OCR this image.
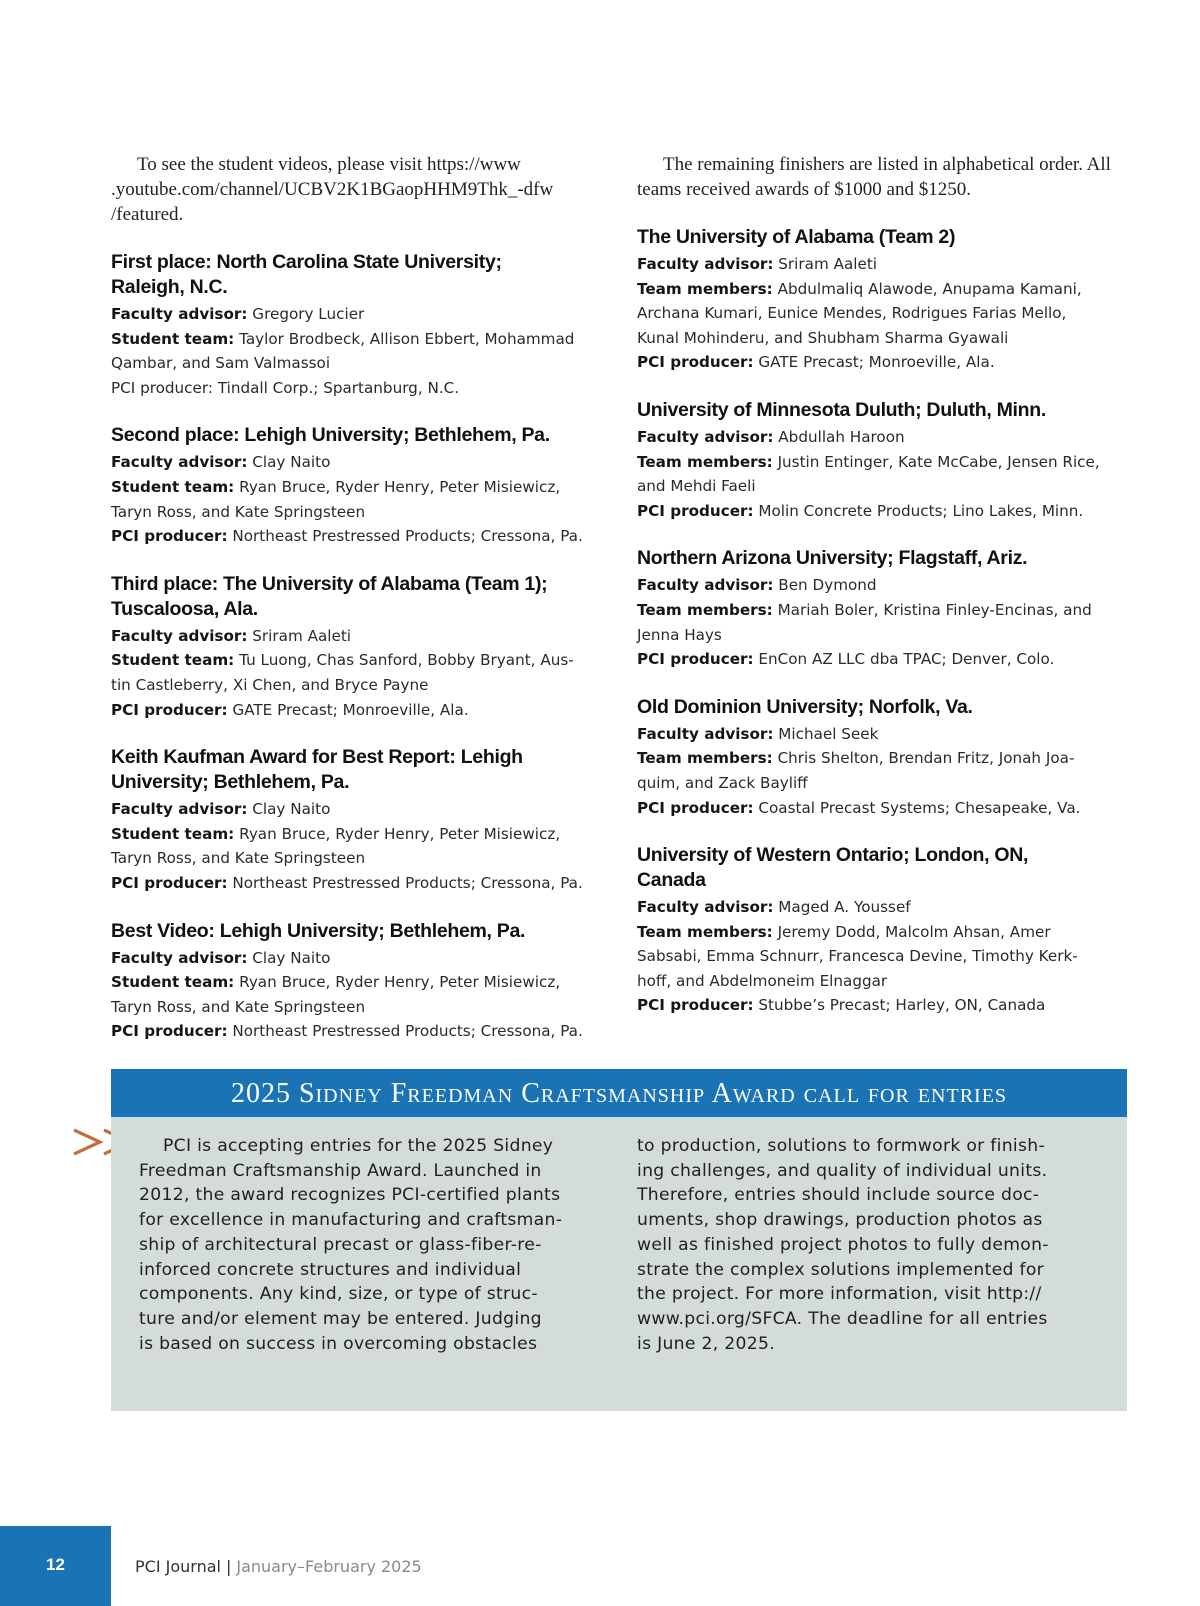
To see the student videos, please visit https://www
.youtube.com/channel/UCBV2K1BGaopHHM9Thk_-dfw
/featured.

First place: North Carolina State University;
Raleigh, N.C.
Faculty advisor: Gregory Lucier
Student team: Taylor Brodbeck, Allison Ebbert, Mohammad
Qambar, and Sam Valmassoi
PCI producer: Tindall Corp.; Spartanburg, N.C.
Second place: Lehigh University; Bethlehem, Pa.
Faculty advisor: Clay Naito
Student team: Ryan Bruce, Ryder Henry, Peter Misiewicz,
Taryn Ross, and Kate Springsteen
PCI producer: Northeast Prestressed Products; Cressona, Pa.
Third place: The University of Alabama (Team 1);
Tuscaloosa, Ala.
Faculty advisor: Sriram Aaleti
Student team: Tu Luong, Chas Sanford, Bobby Bryant, Aus-
tin Castleberry, Xi Chen, and Bryce Payne
PCI producer: GATE Precast; Monroeville, Ala.
Keith Kaufman Award for Best Report: Lehigh
University; Bethlehem, Pa.
Faculty advisor: Clay Naito
Student team: Ryan Bruce, Ryder Henry, Peter Misiewicz,
Taryn Ross, and Kate Springsteen
PCI producer: Northeast Prestressed Products; Cressona, Pa.
Best Video: Lehigh University; Bethlehem, Pa.
Faculty advisor: Clay Naito
Student team: Ryan Bruce, Ryder Henry, Peter Misiewicz,
Taryn Ross, and Kate Springsteen
PCI producer: Northeast Prestressed Products; Cressona, Pa.

The remaining finishers are listed in alphabetical order. All
teams received awards of $1000 and $1250.

The University of Alabama (Team 2)
Faculty advisor: Sriram Aaleti
Team members: Abdulmaliq Alawode, Anupama Kamani,
Archana Kumari, Eunice Mendes, Rodrigues Farias Mello,
Kunal Mohinderu, and Shubham Sharma Gyawali
PCI producer: GATE Precast; Monroeville, Ala.
University of Minnesota Duluth; Duluth, Minn.
Faculty advisor: Abdullah Haroon
Team members: Justin Entinger, Kate McCabe, Jensen Rice,
and Mehdi Faeli
PCI producer: Molin Concrete Products; Lino Lakes, Minn.
Northern Arizona University; Flagstaff, Ariz.
Faculty advisor: Ben Dymond
Team members: Mariah Boler, Kristina Finley-Encinas, and
Jenna Hays
PCI producer: EnCon AZ LLC dba TPAC; Denver, Colo.
Old Dominion University; Norfolk, Va.
Faculty advisor: Michael Seek
Team members: Chris Shelton, Brendan Fritz, Jonah Joa-
quim, and Zack Bayliff
PCI producer: Coastal Precast Systems; Chesapeake, Va.
University of Western Ontario; London, ON,
Canada
Faculty advisor: Maged A. Youssef
Team members: Jeremy Dodd, Malcolm Ahsan, Amer
Sabsabi, Emma Schnurr, Francesca Devine, Timothy Kerk-
hoff, and Abdelmoneim Elnaggar
PCI producer: Stubbe’s Precast; Harley, ON, Canada
2025 Sidney Freedman Craftsmanship Award call for entries
PCI is accepting entries for the 2025 Sidney
Freedman Craftsmanship Award. Launched in
2012, the award recognizes PCI-certified plants
for excellence in manufacturing and craftsman-
ship of architectural precast or glass-fiber-re-
inforced concrete structures and individual
components. Any kind, size, or type of struc-
ture and/or element may be entered. Judging
is based on success in overcoming obstacles
to production, solutions to formwork or finish-
ing challenges, and quality of individual units.
Therefore, entries should include source doc-
uments, shop drawings, production photos as
well as finished project photos to fully demon-
strate the complex solutions implemented for
the project. For more information, visit http://
www.pci.org/SFCA. The deadline for all entries
is June 2, 2025.
12	PCI Journal | January–February 2025
